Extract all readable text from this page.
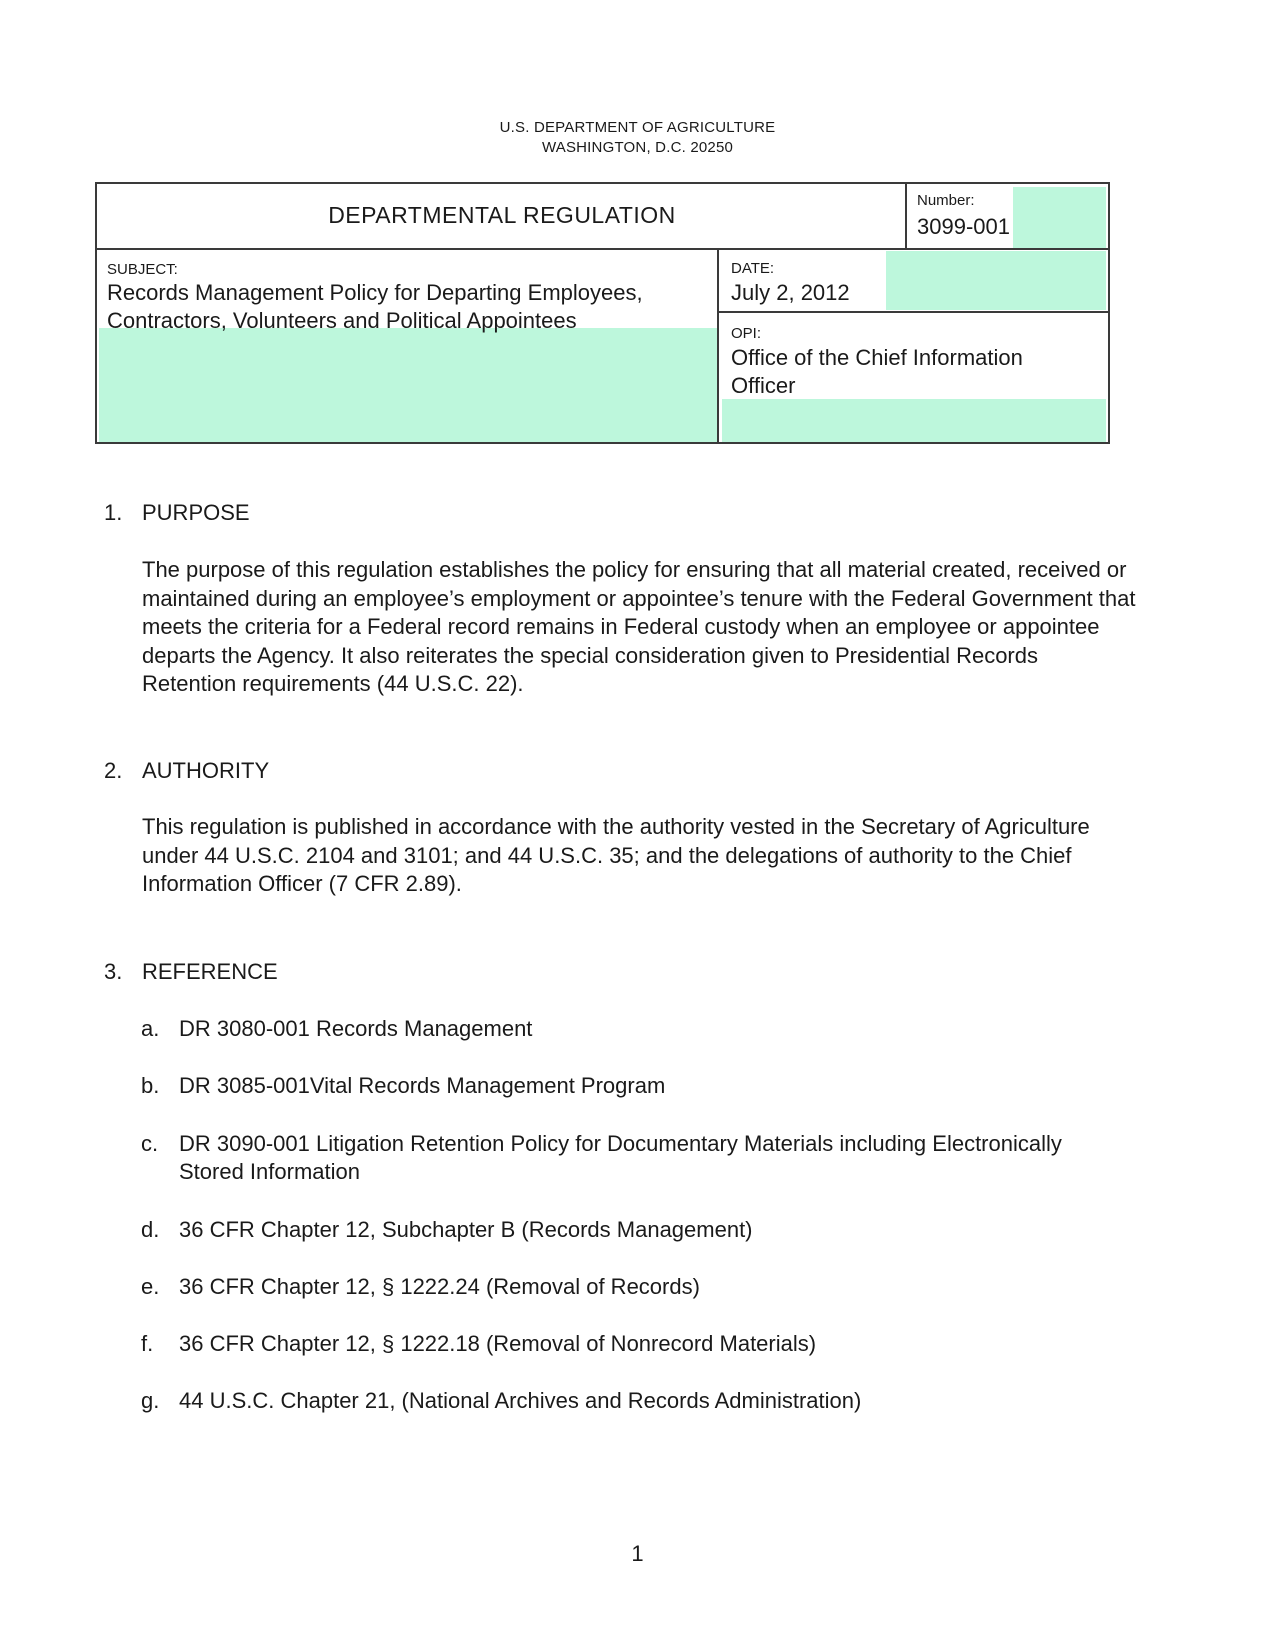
U.S. DEPARTMENT OF AGRICULTURE
WASHINGTON, D.C. 20250
DEPARTMENTAL REGULATION
Number:
3099-001
SUBJECT:
Records Management Policy for Departing Employees,
Contractors, Volunteers and Political Appointees
DATE:
July 2, 2012
OPI:
Office of the Chief Information
Officer
1. PURPOSE

The purpose of this regulation establishes the policy for ensuring that all material created, received or

maintained during an employee’s employment or appointee’s tenure with the Federal Government that

meets the criteria for a Federal record remains in Federal custody when an employee or appointee

departs the Agency. It also reiterates the special consideration given to Presidential Records

Retention requirements (44 U.S.C. 22).

2. AUTHORITY

This regulation is published in accordance with the authority vested in the Secretary of Agriculture

under 44 U.S.C. 2104 and 3101; and 44 U.S.C. 35; and the delegations of authority to the Chief

Information Officer (7 CFR 2.89).

3. REFERENCE
a. DR 3080-001 Records Management
b. DR 3085-001Vital Records Management Program
c. DR 3090-001 Litigation Retention Policy for Documentary Materials including Electronically
Stored Information
d. 36 CFR Chapter 12, Subchapter B (Records Management)
e. 36 CFR Chapter 12, § 1222.24 (Removal of Records)
f. 36 CFR Chapter 12, § 1222.18 (Removal of Nonrecord Materials)
g. 44 U.S.C. Chapter 21, (National Archives and Records Administration)
1
